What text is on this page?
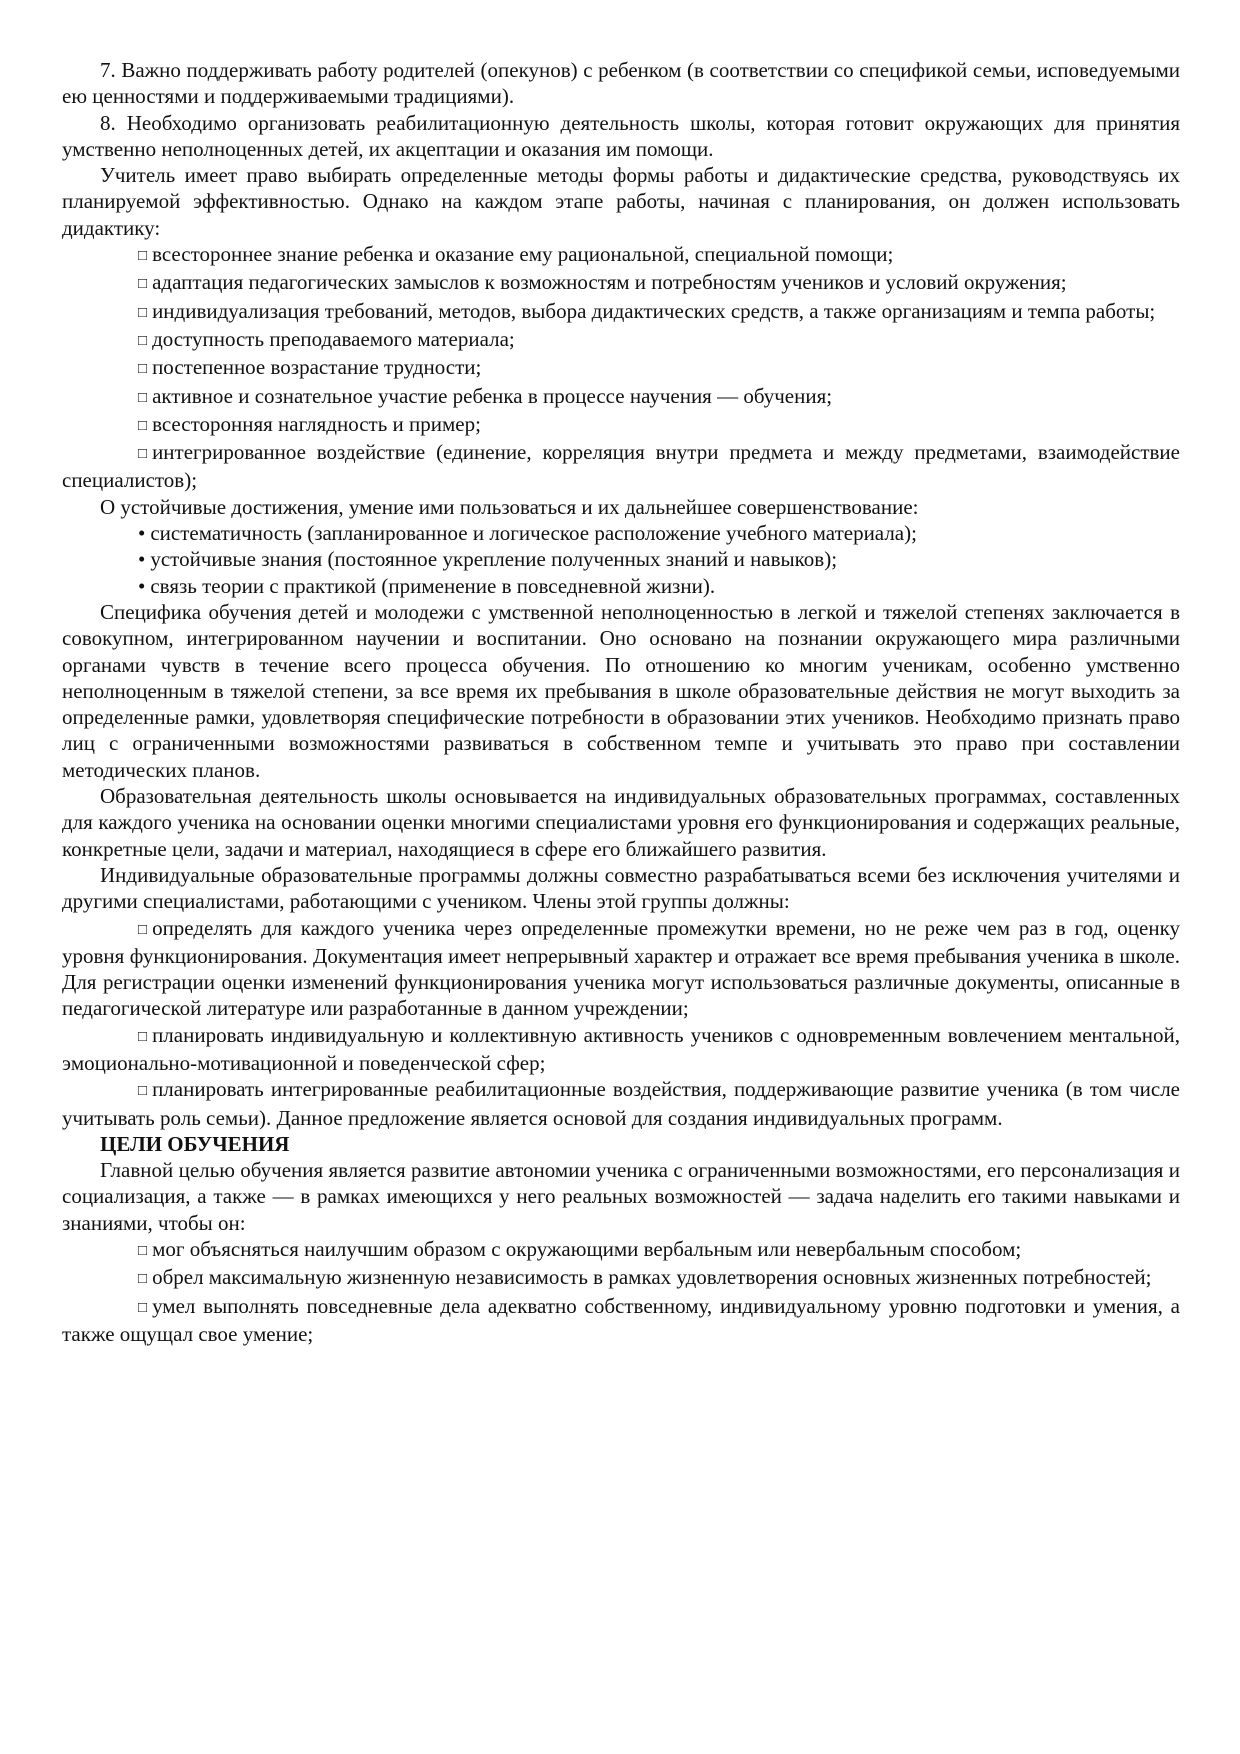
7. Важно поддерживать работу родителей (опекунов) с ребенком (в соответствии со спецификой семьи, исповедуемыми ею ценностями и поддерживаемыми традициями).

8. Необходимо организовать реабилитационную деятельность школы, которая готовит окружающих для принятия умственно неполноценных детей, их акцептации и оказания им помощи.

Учитель имеет право выбирать определенные методы формы работы и дидактические средства, руководствуясь их планируемой эффективностью. Однако на каждом этапе работы, начиная с планирования, он должен использовать дидактику:

□ всестороннее знание ребенка и оказание ему рациональной, специальной помощи;

□ адаптация педагогических замыслов к возможностям и потребностям учеников и условий окружения;

□ индивидуализация требований, методов, выбора дидактических средств, а также организациям и темпа работы;

□ доступность преподаваемого материала;

□ постепенное возрастание трудности;

□ активное и сознательное участие ребенка в процессе научения — обучения;

□ всесторонняя наглядность и пример;

□ интегрированное воздействие (единение, корреляция внутри предмета и между предметами, взаимодействие специалистов);

О устойчивые достижения, умение ими пользоваться и их дальнейшее совершенствование:

• систематичность (запланированное и логическое расположение учебного материала);

• устойчивые знания (постоянное укрепление полученных знаний и навыков);

• связь теории с практикой (применение в повседневной жизни).

Специфика обучения детей и молодежи с умственной неполноценностью в легкой и тяжелой степенях заключается в совокупном, интегрированном научении и воспитании. Оно основано на познании окружающего мира различными органами чувств в течение всего процесса обучения. По отношению ко многим ученикам, особенно умственно неполноценным в тяжелой степени, за все время их пребывания в школе образовательные действия не могут выходить за определенные рамки, удовлетворяя специфические потребности в образовании этих учеников. Необходимо признать право лиц с ограниченными возможностями развиваться в собственном темпе и учитывать это право при составлении методических планов.

Образовательная деятельность школы основывается на индивидуальных образовательных программах, составленных для каждого ученика на основании оценки многими специалистами уровня его функционирования и содержащих реальные, конкретные цели, задачи и материал, находящиеся в сфере его ближайшего развития.

Индивидуальные образовательные программы должны совместно разрабатываться всеми без исключения учителями и другими специалистами, работающими с учеником. Члены этой группы должны:

□ определять для каждого ученика через определенные промежутки времени, но не реже чем раз в год, оценку уровня функционирования. Документация имеет непрерывный характер и отражает все время пребывания ученика в школе. Для регистрации оценки изменений функционирования ученика могут использоваться различные документы, описанные в педагогической литературе или разработанные в данном учреждении;

□ планировать индивидуальную и коллективную активность учеников с одновременным вовлечением ментальной, эмоционально-мотивационной и поведенческой сфер;

□ планировать интегрированные реабилитационные воздействия, поддерживающие развитие ученика (в том числе учитывать роль семьи). Данное предложение является основой для создания индивидуальных программ.

ЦЕЛИ ОБУЧЕНИЯ

Главной целью обучения является развитие автономии ученика с ограниченными возможностями, его персонализация и социализация, а также — в рамках имеющихся у него реальных возможностей — задача наделить его такими навыками и знаниями, чтобы он:

□ мог объясняться наилучшим образом с окружающими вербальным или невербальным способом;

□ обрел максимальную жизненную независимость в рамках удовлетворения основных жизненных потребностей;

□ умел выполнять повседневные дела адекватно собственному, индивидуальному уровню подготовки и умения, а также ощущал свое умение;
